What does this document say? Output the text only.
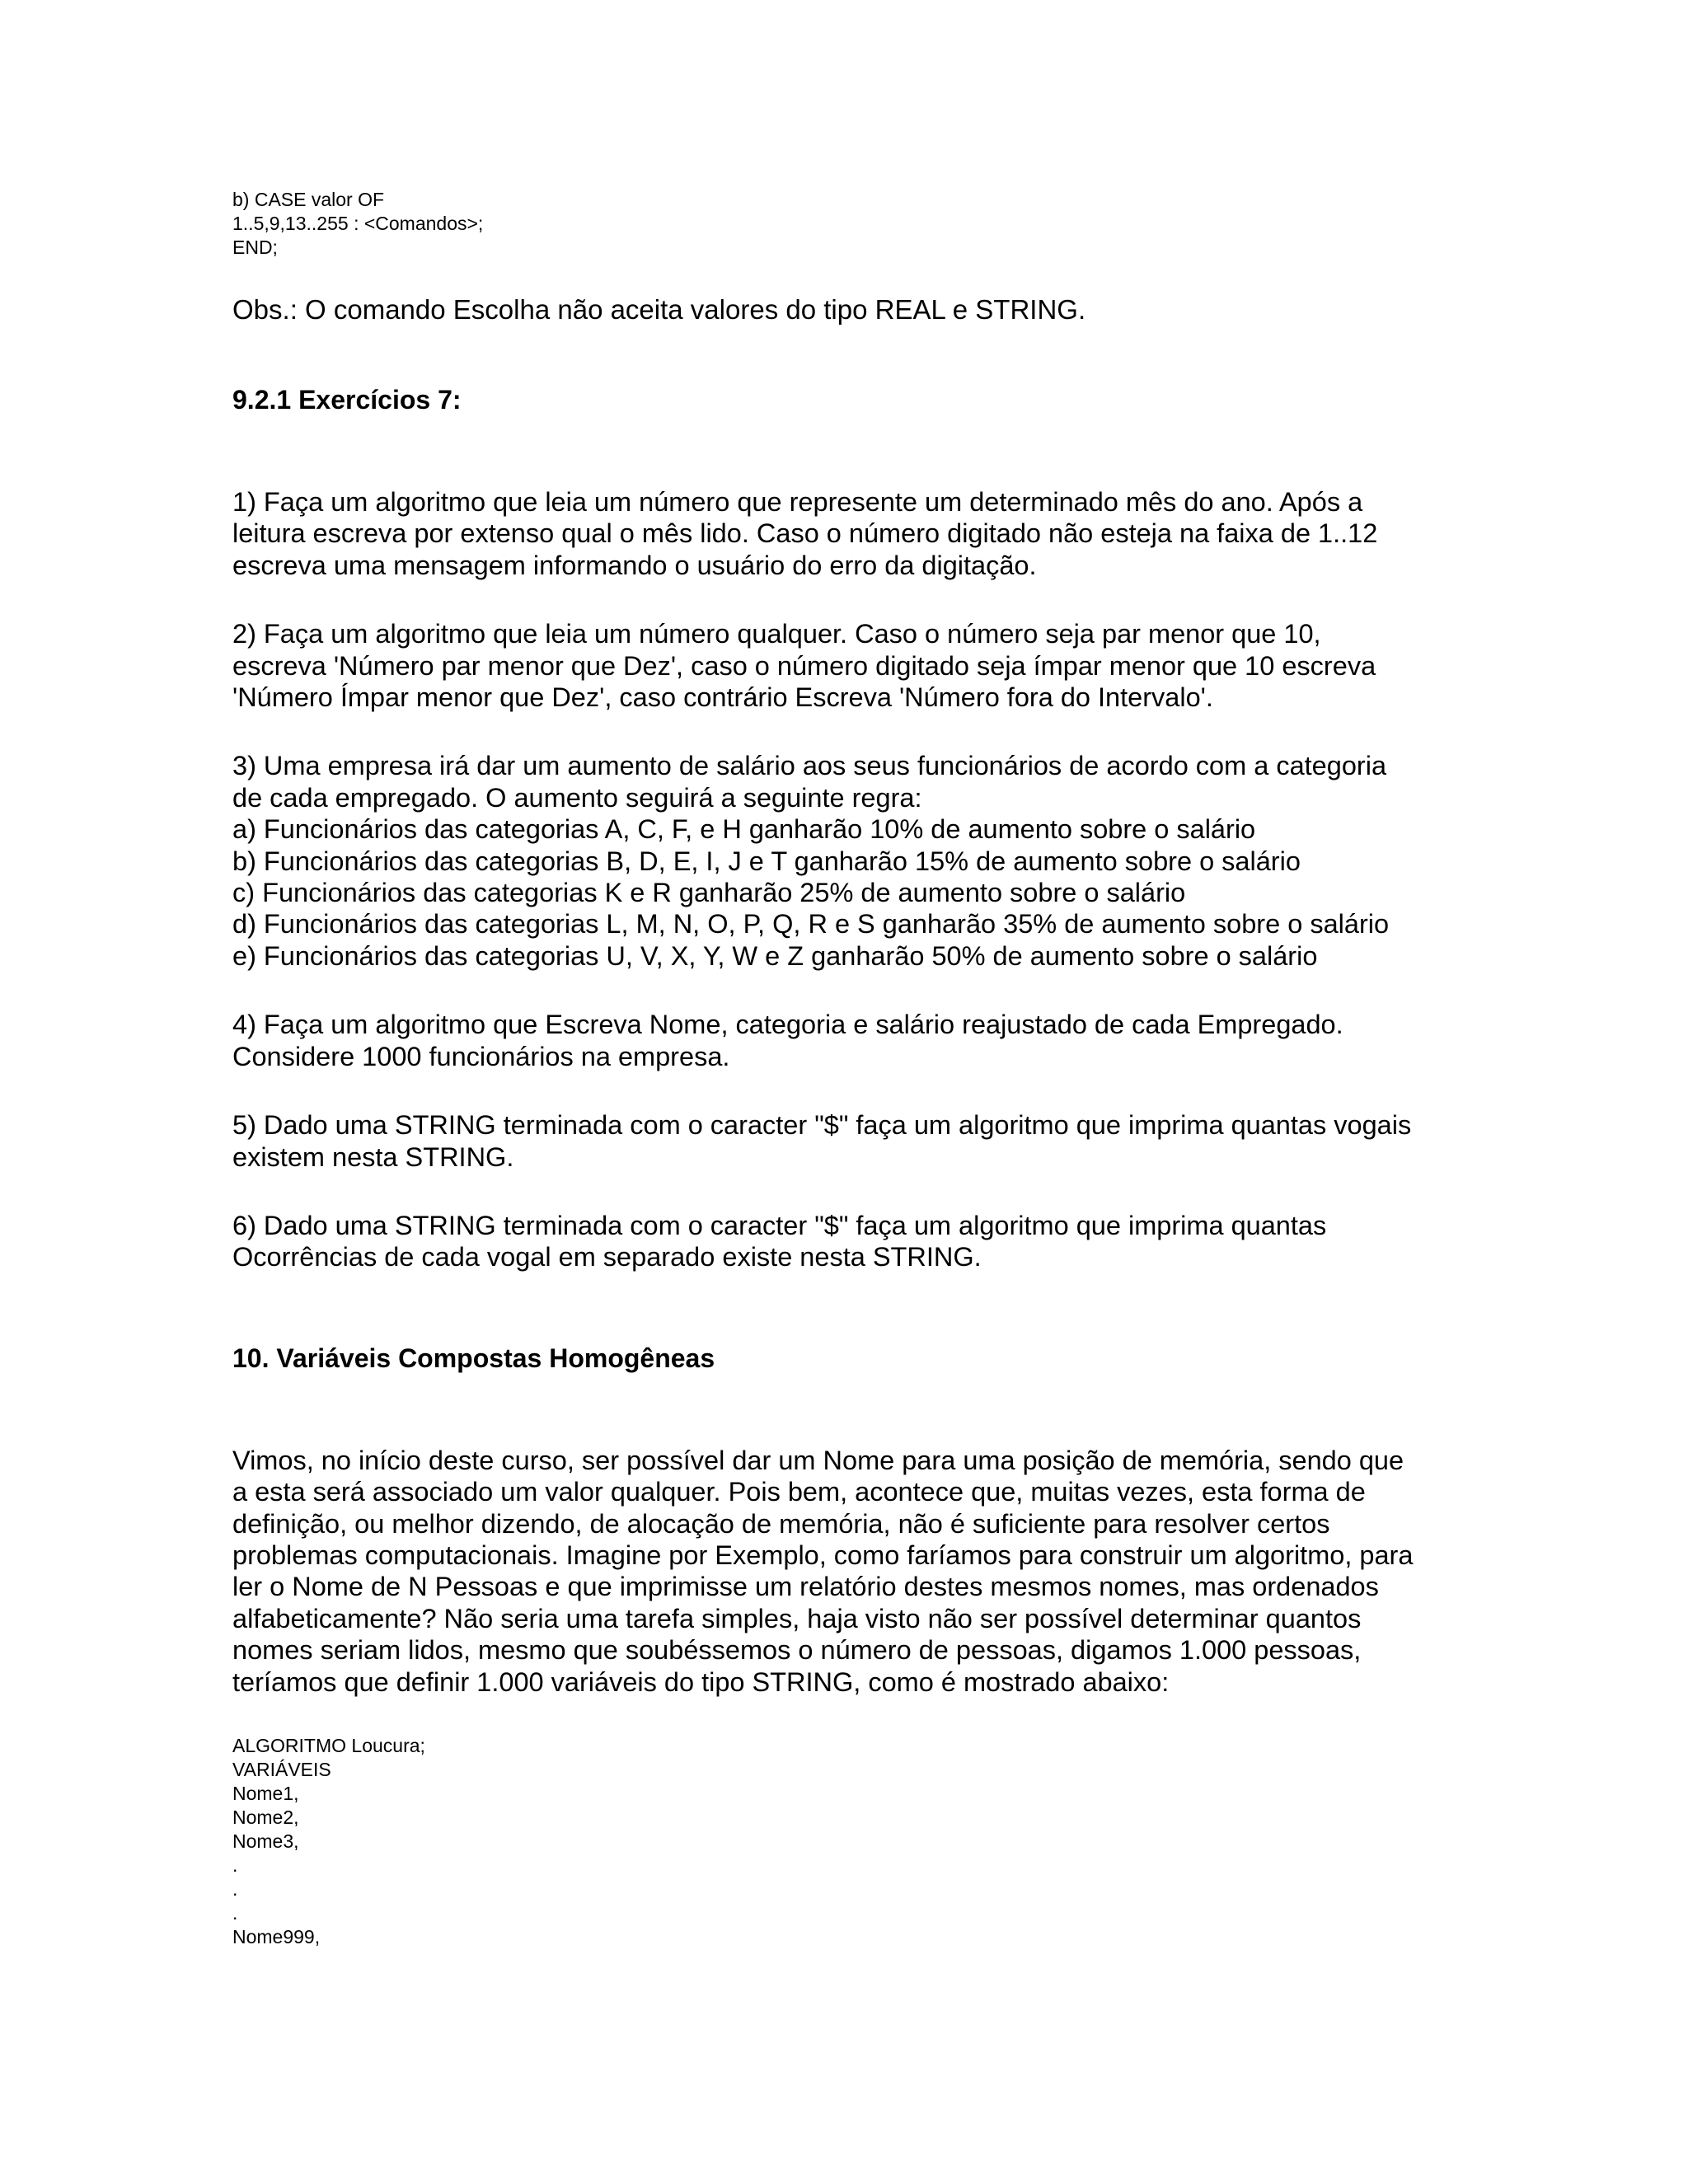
b) CASE valor OF
1..5,9,13..255 : <Comandos>;
END;
Obs.: O comando Escolha não aceita valores do tipo REAL e STRING.
9.2.1 Exercícios 7:
1) Faça um algoritmo que leia um número que represente um determinado mês do ano. Após a
leitura escreva por extenso qual o mês lido. Caso o número digitado não esteja na faixa de 1..12
escreva uma mensagem informando o usuário do erro da digitação.
2) Faça um algoritmo que leia um número qualquer. Caso o número seja par menor que 10,
escreva 'Número par menor que Dez', caso o número digitado seja ímpar menor que 10 escreva
'Número Ímpar menor que Dez', caso contrário Escreva 'Número fora do Intervalo'.
3) Uma empresa irá dar um aumento de salário aos seus funcionários de acordo com a categoria
de cada empregado. O aumento seguirá a seguinte regra:
a) Funcionários das categorias A, C, F, e H ganharão 10% de aumento sobre o salário
b) Funcionários das categorias B, D, E, I, J e T ganharão 15% de aumento sobre o salário
c) Funcionários das categorias K e R ganharão 25% de aumento sobre o salário
d) Funcionários das categorias L, M, N, O, P, Q, R e S ganharão 35% de aumento sobre o salário
e) Funcionários das categorias U, V, X, Y, W e Z ganharão 50% de aumento sobre o salário
4) Faça um algoritmo que Escreva Nome, categoria e salário reajustado de cada Empregado.
Considere 1000 funcionários na empresa.
5) Dado uma STRING terminada com o caracter "$" faça um algoritmo que imprima quantas vogais
existem nesta STRING.
6) Dado uma STRING terminada com o caracter "$" faça um algoritmo que imprima quantas
Ocorrências de cada vogal em separado existe nesta STRING.
10. Variáveis Compostas Homogêneas
Vimos, no início deste curso, ser possível dar um Nome para uma posição de memória, sendo que
a esta será associado um valor qualquer. Pois bem, acontece que, muitas vezes, esta forma de
definição, ou melhor dizendo, de alocação de memória, não é suficiente para resolver certos
problemas computacionais. Imagine por Exemplo, como faríamos para construir um algoritmo, para
ler o Nome de N Pessoas e que imprimisse um relatório destes mesmos nomes, mas ordenados
alfabeticamente? Não seria uma tarefa simples, haja visto não ser possível determinar quantos
nomes seriam lidos, mesmo que soubéssemos o número de pessoas, digamos 1.000 pessoas,
teríamos que definir 1.000 variáveis do tipo STRING, como é mostrado abaixo:
ALGORITMO Loucura;
VARIÁVEIS
Nome1,
Nome2,
Nome3,
.
.
.
Nome999,
